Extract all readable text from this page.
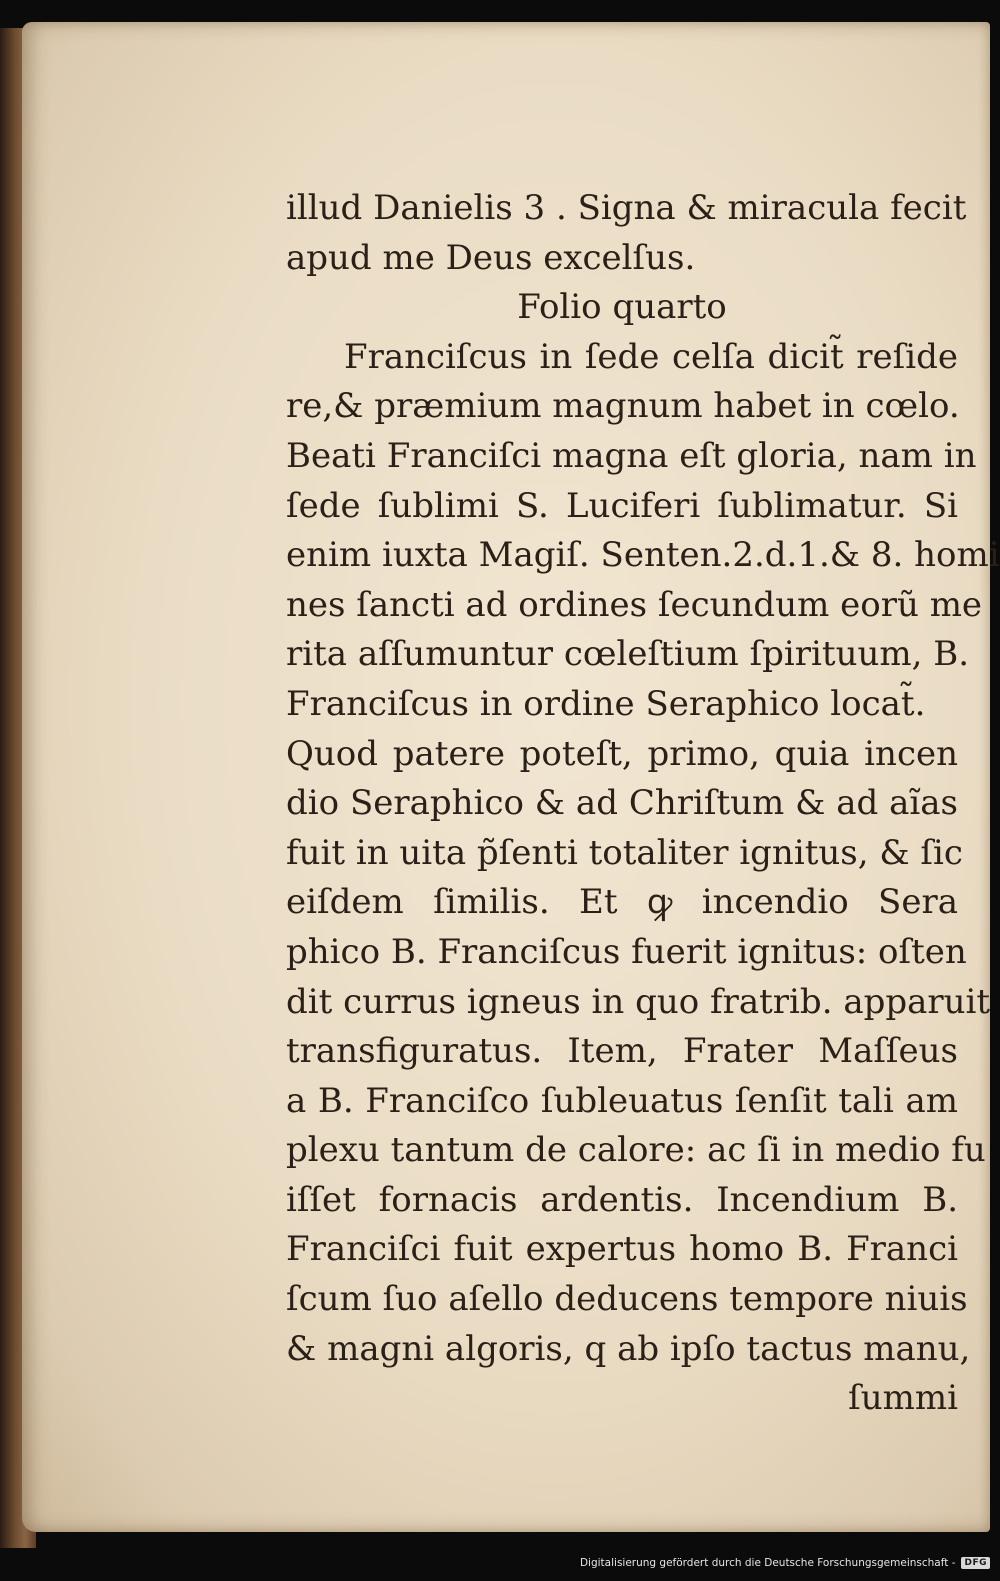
illud Danielis 3 . Signa & miracula fecit
apud me Deus excelſus.
Folio quarto
Franciſcus in ſede celſa dicit̃ reſide
re,& præmium magnum habet in cœlo.
Beati Franciſci magna eſt gloria, nam in
ſede ſublimi S. Luciferi ſublimatur. Si
enim iuxta Magiſ. Senten.2.d.1.& 8. homi
nes ſancti ad ordines ſecundum eorũ me
rita aſſumuntur cœleſtium ſpirituum, B.
Franciſcus in ordine Seraphico locat̃.
Quod patere poteſt, primo, quia incen
dio Seraphico & ad Chriſtum & ad aĩas
fuit in uita p̃ſenti totaliter ignitus, & ſic
eiſdem ſimilis. Et ꝙ incendio Sera
phico B. Franciſcus fuerit ignitus: oſten
dit currus igneus in quo fratrib. apparuit
transfiguratus. Item, Frater Maſſeus
a B. Franciſco ſubleuatus ſenſit tali am
plexu tantum de calore: ac ſi in medio fu
iſſet fornacis ardentis. Incendium B.
Franciſci fuit expertus homo B. Franci
ſcum ſuo aſello deducens tempore niuis
& magni algoris, q ab ipſo tactus manu,
ſummi
Digitalisierung gefördert durch die Deutsche Forschungsgemeinschaft -	DFG
